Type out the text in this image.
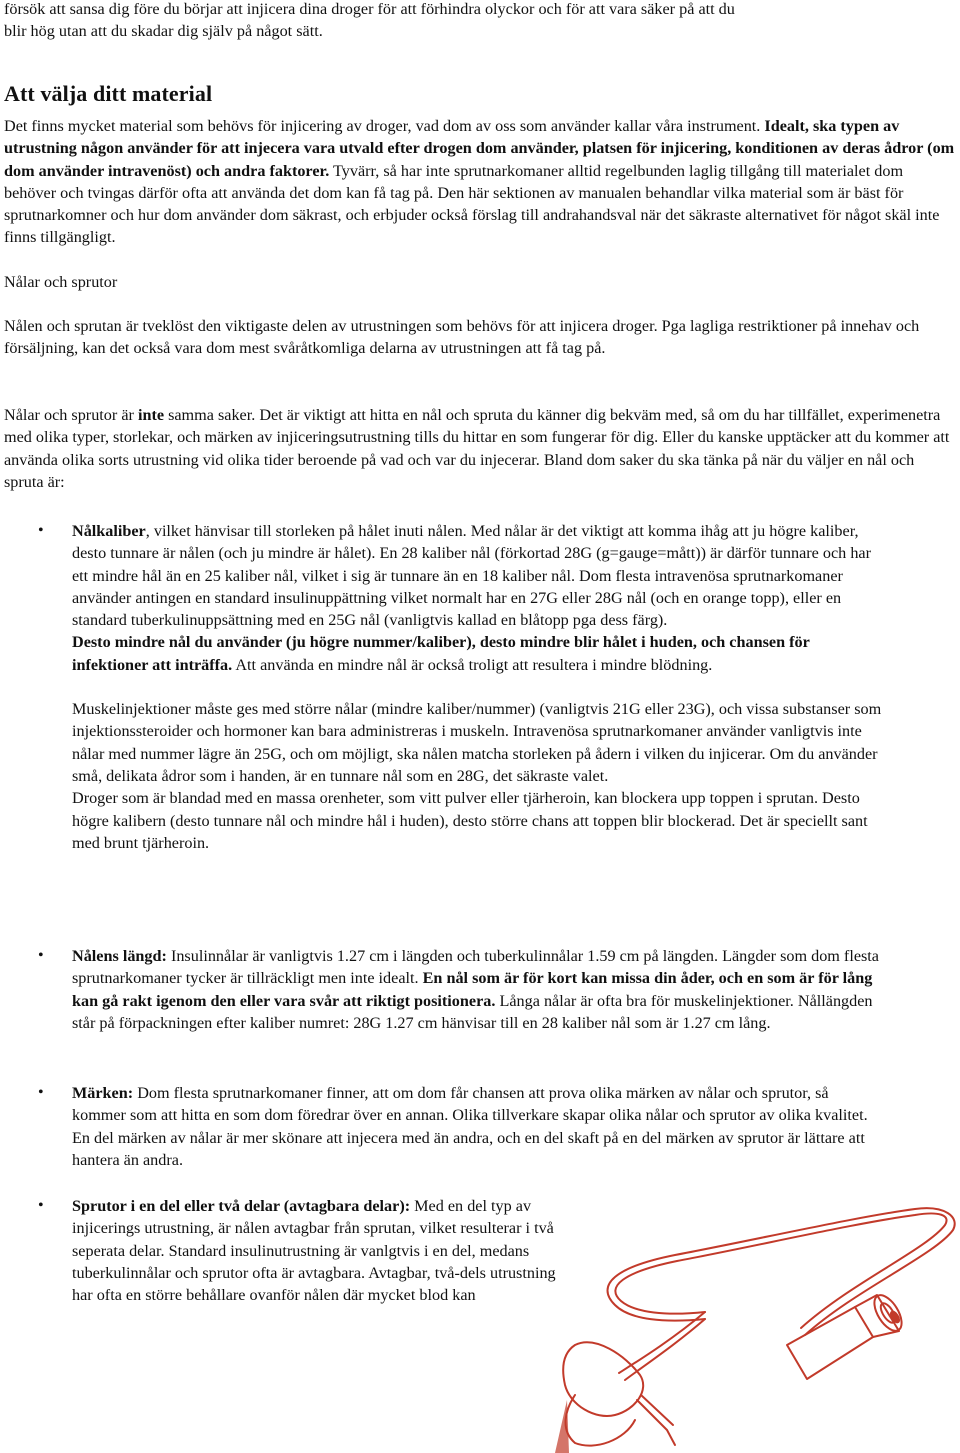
försök att sansa dig före du börjar att injicera dina droger för att förhindra olyckor och för att vara säker på att du

blir hög utan att du skadar dig själv på något sätt.

Att välja ditt material

Det finns mycket material som behövs för injicering av droger, vad dom av oss som använder kallar våra instrument. Idealt, ska typen av utrustning någon använder för att injecera vara utvald efter drogen dom använder, platsen för injicering, konditionen av deras ådror (om dom använder intravenöst) och andra faktorer. Tyvärr, så har inte sprutnarkomaner alltid regelbunden laglig tillgång till materialet dom behöver och tvingas därför ofta att använda det dom kan få tag på. Den här sektionen av manualen behandlar vilka material som är bäst för sprutnarkomner och hur dom använder dom säkrast, och erbjuder också förslag till andrahandsval när det säkraste alternativet för något skäl inte finns tillgängligt.

Nålar och sprutor

Nålen och sprutan är tveklöst den viktigaste delen av utrustningen som behövs för att injicera droger. Pga lagliga restriktioner på innehav och försäljning, kan det också vara dom mest svåråtkomliga delarna av utrustningen att få tag på.

Nålar och sprutor är inte samma saker. Det är viktigt att hitta en nål och spruta du känner dig bekväm med, så om du har tillfället, experimenetra med olika typer, storlekar, och märken av injiceringsutrustning tills du hittar en som fungerar för dig. Eller du kanske upptäcker att du kommer att använda olika sorts utrustning vid olika tider beroende på vad och var du injecerar. Bland dom saker du ska tänka på när du väljer en nål och spruta är:

• Nålkaliber, vilket hänvisar till storleken på hålet inuti nålen. Med nålar är det viktigt att komma ihåg att ju högre kaliber, desto tunnare är nålen (och ju mindre är hålet). En 28 kaliber nål (förkortad 28G (g=gauge=mått)) är därför tunnare och har ett mindre hål än en 25 kaliber nål, vilket i sig är tunnare än en 18 kaliber nål. Dom flesta intravenösa sprutnarkomaner använder antingen en standard insulinuppättning vilket normalt har en 27G eller 28G nål (och en orange topp), eller en standard tuberkulinuppsättning med en 25G nål (vanligtvis kallad en blåtopp pga dess färg).

Desto mindre nål du använder (ju högre nummer/kaliber), desto mindre blir hålet i huden, och chansen för infektioner att inträffa. Att använda en mindre nål är också troligt att resultera i mindre blödning.

Muskelinjektioner måste ges med större nålar (mindre kaliber/nummer) (vanligtvis 21G eller 23G), och vissa substanser som injektionssteroider och hormoner kan bara administreras i muskeln. Intravenösa sprutnarkomaner använder vanligtvis inte nålar med nummer lägre än 25G, och om möjligt, ska nålen matcha storleken på ådern i vilken du injicerar. Om du använder små, delikata ådror som i handen, är en tunnare nål som en 28G, det säkraste valet.

Droger som är blandad med en massa orenheter, som vitt pulver eller tjärheroin, kan blockera upp toppen i sprutan. Desto högre kalibern (desto tunnare nål och mindre hål i huden), desto större chans att toppen blir blockerad. Det är speciellt sant med brunt tjärheroin.

• Nålens längd: Insulinnålar är vanligtvis 1.27 cm i längden och tuberkulinnålar 1.59 cm på längden. Längder som dom flesta sprutnarkomaner tycker är tillräckligt men inte idealt. En nål som är för kort kan missa din åder, och en som är för lång kan gå rakt igenom den eller vara svår att riktigt positionera. Långa nålar är ofta bra för muskelinjektioner. Nållängden står på förpackningen efter kaliber numret: 28G 1.27 cm hänvisar till en 28 kaliber nål som är 1.27 cm lång.

• Märken: Dom flesta sprutnarkomaner finner, att om dom får chansen att prova olika märken av nålar och sprutor, så kommer som att hitta en som dom föredrar över en annan. Olika tillverkare skapar olika nålar och sprutor av olika kvalitet. En del märken av nålar är mer skönare att injecera med än andra, och en del skaft på en del märken av sprutor är lättare att hantera än andra.

• Sprutor i en del eller två delar (avtagbara delar): Med en del typ av injicerings utrustning, är nålen avtagbar från sprutan, vilket resulterar i två seperata delar. Standard insulinutrustning är vanlgtvis i en del, medans tuberkulinnålar och sprutor ofta är avtagbara. Avtagbar, två-dels utrustning har ofta en större behållare ovanför nålen där mycket blod kan
